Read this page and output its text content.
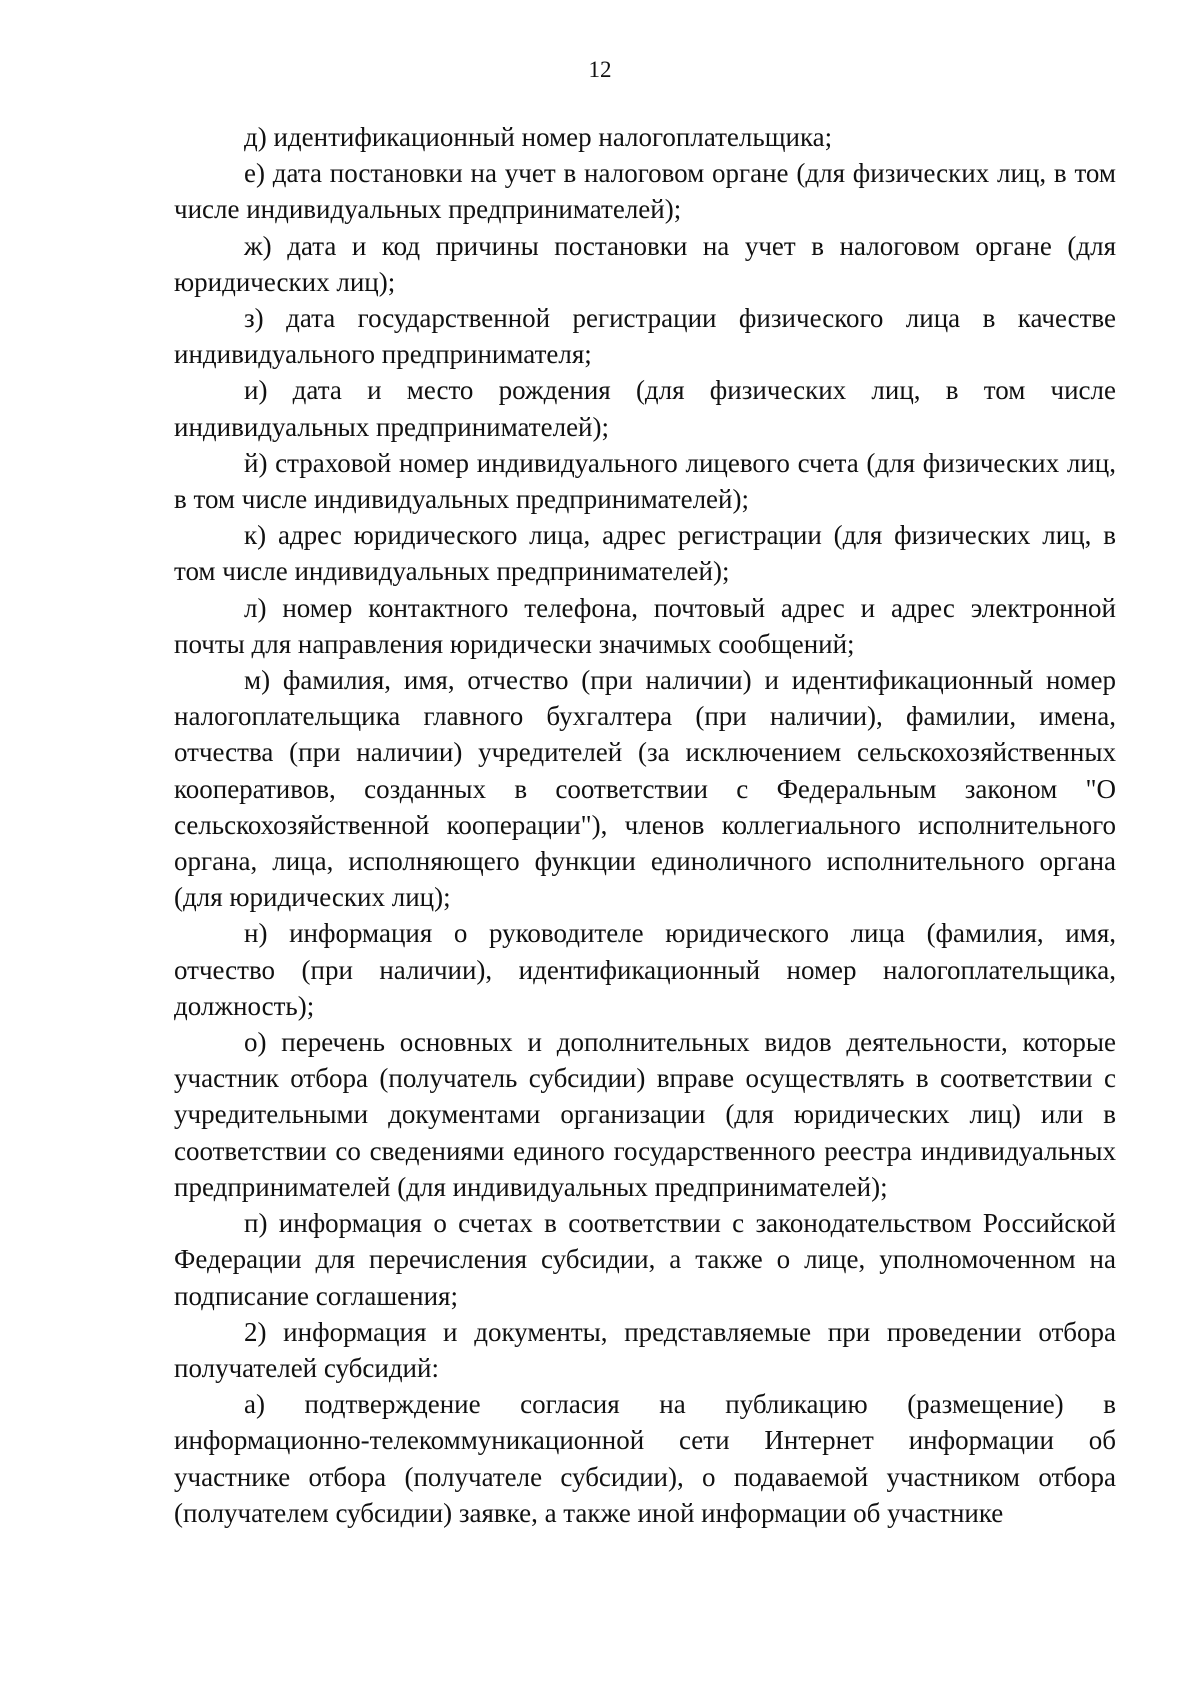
12

д) идентификационный номер налогоплательщика;

е) дата постановки на учет в налоговом органе (для физических лиц, в том числе индивидуальных предпринимателей);

ж) дата и код причины постановки на учет в налоговом органе (для юридических лиц);

з) дата государственной регистрации физического лица в качестве индивидуального предпринимателя;

и) дата и место рождения (для физических лиц, в том числе индивидуальных предпринимателей);

й) страховой номер индивидуального лицевого счета (для физических лиц, в том числе индивидуальных предпринимателей);

к) адрес юридического лица, адрес регистрации (для физических лиц, в том числе индивидуальных предпринимателей);

л) номер контактного телефона, почтовый адрес и адрес электронной почты для направления юридически значимых сообщений;

м) фамилия, имя, отчество (при наличии) и идентификационный номер налогоплательщика главного бухгалтера (при наличии), фамилии, имена, отчества (при наличии) учредителей (за исключением сельскохозяйственных кооперативов, созданных в соответствии с Федеральным законом "О сельскохозяйственной кооперации"), членов коллегиального исполнительного органа, лица, исполняющего функции единоличного исполнительного органа (для юридических лиц);

н) информация о руководителе юридического лица (фамилия, имя, отчество (при наличии), идентификационный номер налогоплательщика, должность);

о) перечень основных и дополнительных видов деятельности, которые участник отбора (получатель субсидии) вправе осуществлять в соответствии с учредительными документами организации (для юридических лиц) или в соответствии со сведениями единого государственного реестра индивидуальных предпринимателей (для индивидуальных предпринимателей);

п) информация о счетах в соответствии с законодательством Российской Федерации для перечисления субсидии, а также о лице, уполномоченном на подписание соглашения;

2) информация и документы, представляемые при проведении отбора получателей субсидий:

а) подтверждение согласия на публикацию (размещение) в информационно-телекоммуникационной сети Интернет информации об участнике отбора (получателе субсидии), о подаваемой участником отбора (получателем субсидии) заявке, а также иной информации об участнике
